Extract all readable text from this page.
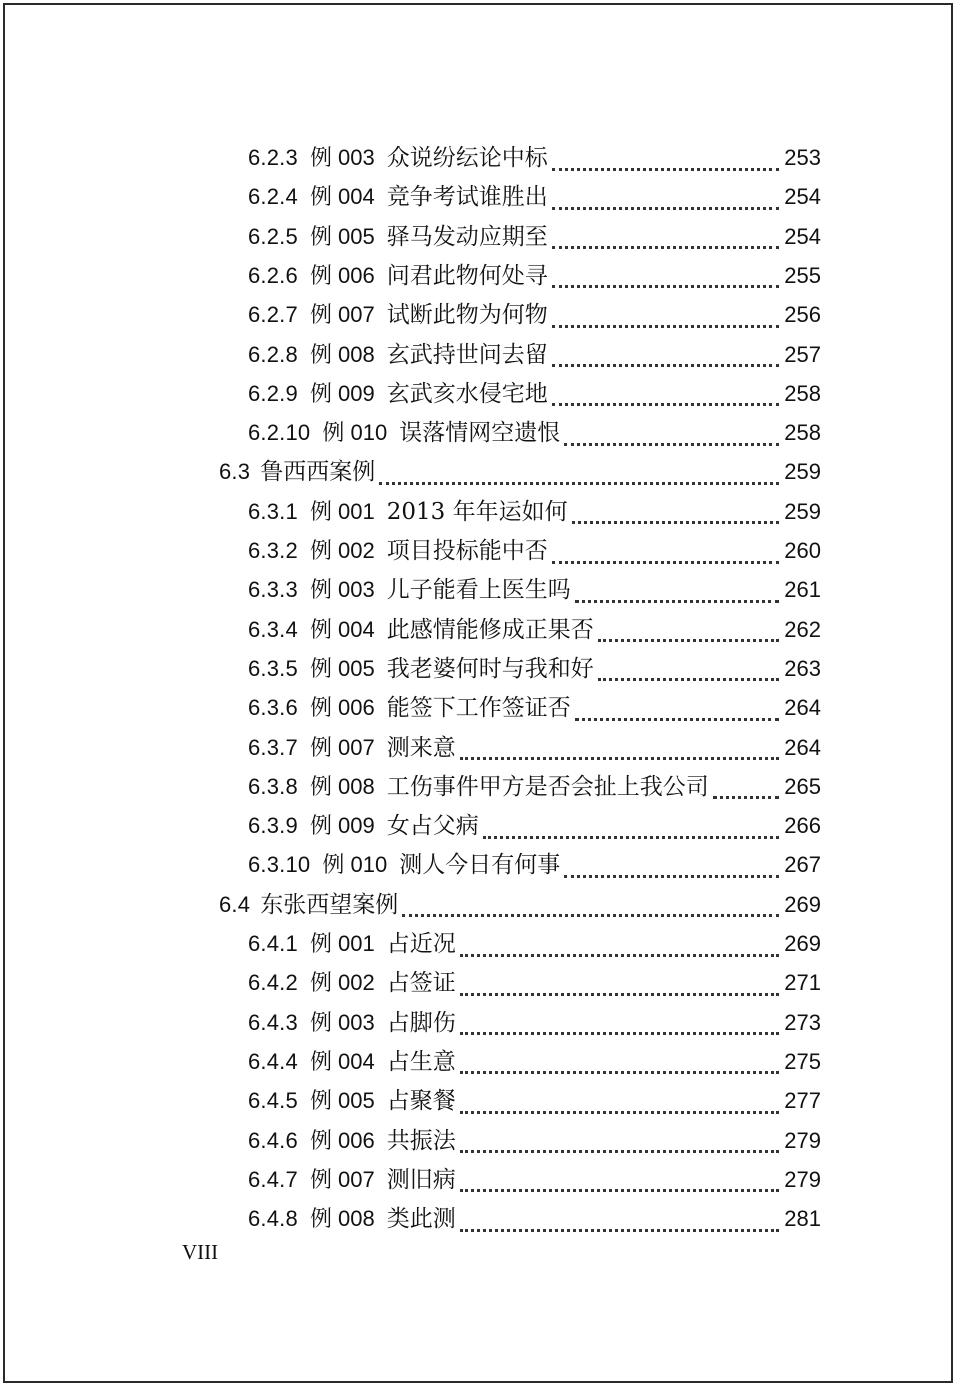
6.2.3 例 003 众说纷纭论中标	253
6.2.4 例 004 竞争考试谁胜出	254
6.2.5 例 005 驿马发动应期至	254
6.2.6 例 006 问君此物何处寻	255
6.2.7 例 007 试断此物为何物	256
6.2.8 例 008 玄武持世问去留	257
6.2.9 例 009 玄武亥水侵宅地	258
6.2.10 例 010 误落情网空遗恨	258
6.3 鲁西西案例	259
6.3.1 例 001 2013 年年运如何	259
6.3.2 例 002 项目投标能中否	260
6.3.3 例 003 儿子能看上医生吗	261
6.3.4 例 004 此感情能修成正果否	262
6.3.5 例 005 我老婆何时与我和好	263
6.3.6 例 006 能签下工作签证否	264
6.3.7 例 007 测来意	264
6.3.8 例 008 工伤事件甲方是否会扯上我公司	265
6.3.9 例 009 女占父病	266
6.3.10 例 010 测人今日有何事	267
6.4 东张西望案例	269
6.4.1 例 001 占近况	269
6.4.2 例 002 占签证	271
6.4.3 例 003 占脚伤	273
6.4.4 例 004 占生意	275
6.4.5 例 005 占聚餐	277
6.4.6 例 006 共振法	279
6.4.7 例 007 测旧病	279
6.4.8 例 008 类此测	281
VIII
